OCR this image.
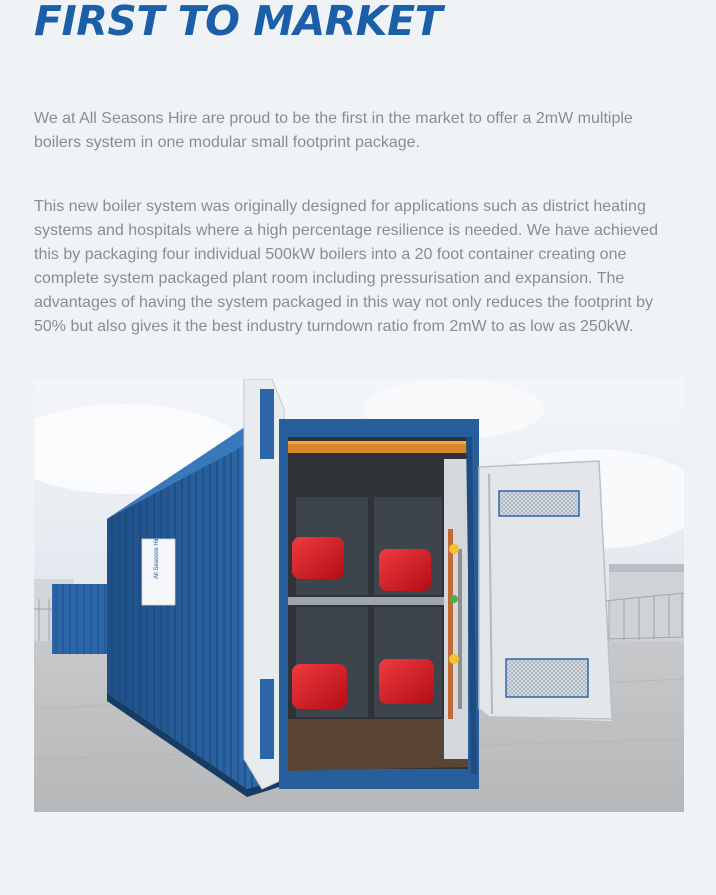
FIRST TO MARKET

We at All Seasons Hire are proud to be the first in the market to offer a 2mW multiple boilers system in one modular small footprint package.

This new boiler system was originally designed for applications such as district heating systems and hospitals where a high percentage resilience is needed. We have achieved this by packaging four individual 500kW boilers into a 20 foot container creating one complete system packaged plant room including pressurisation and expansion. The advantages of having the system packaged in this way not only reduces the footprint by 50% but also gives it the best industry turndown ratio from 2mW to as low as 250kW.

All Seasons Hire
